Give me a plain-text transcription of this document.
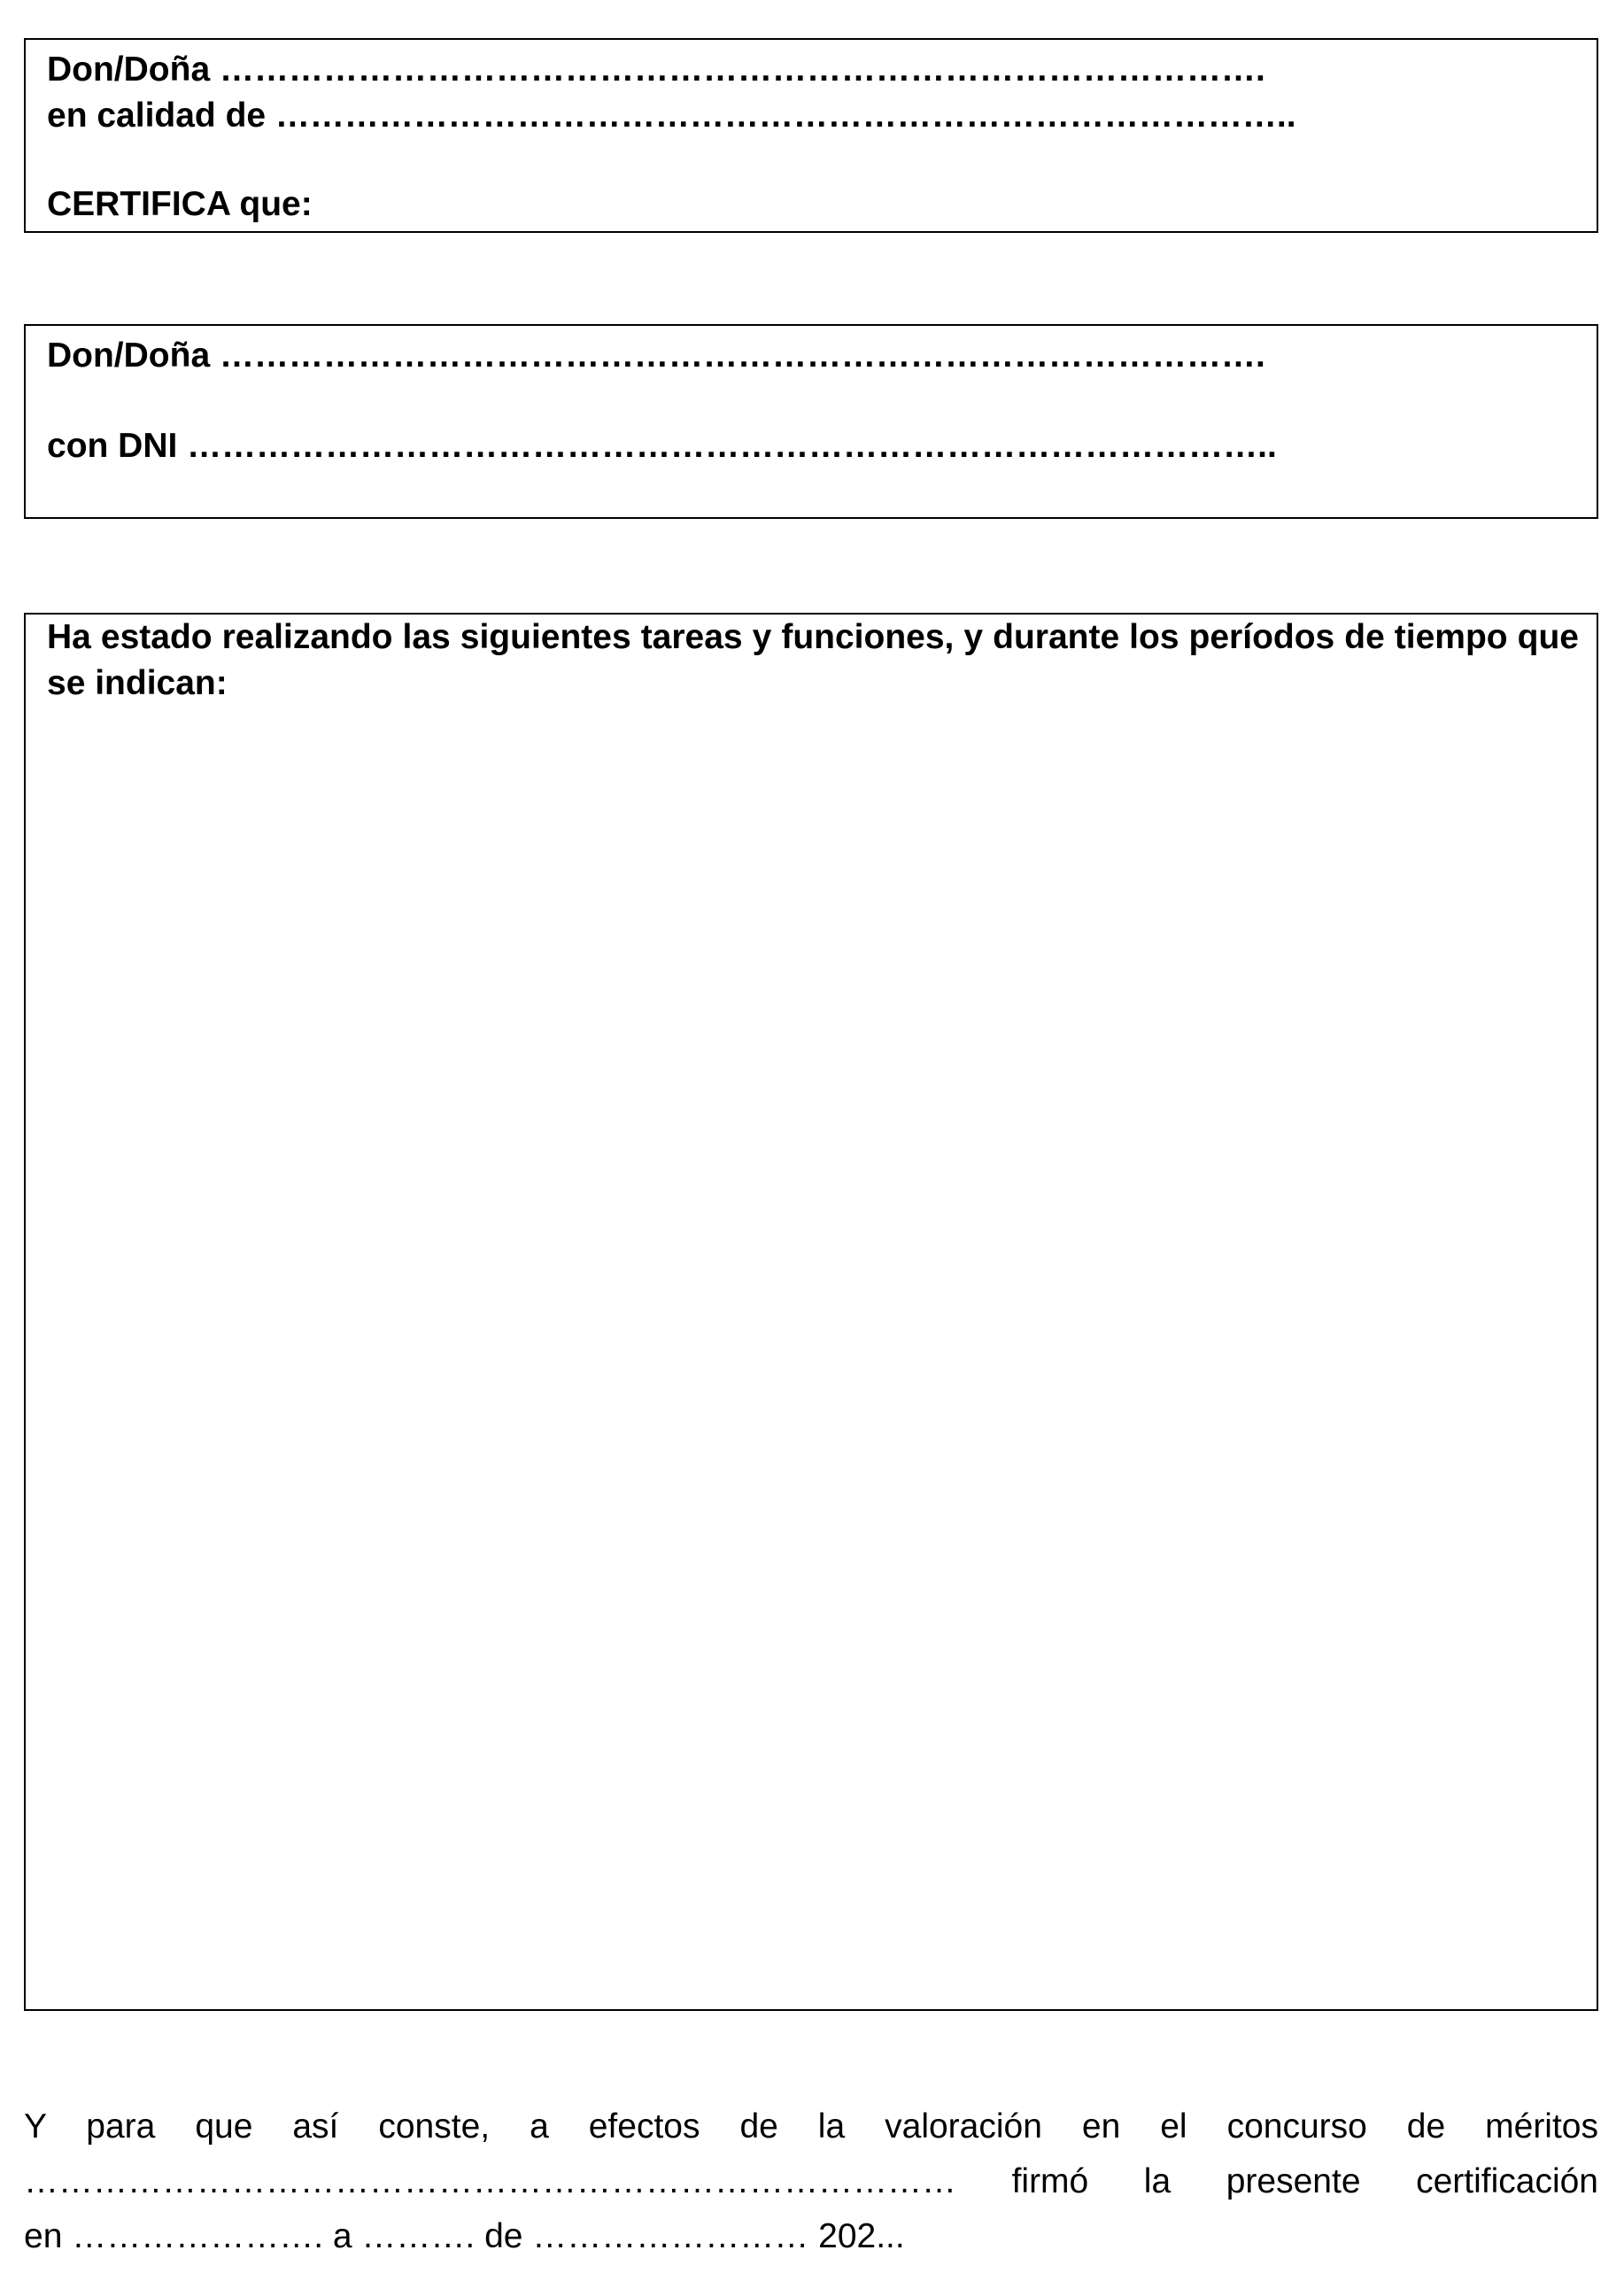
Don/Doña ……………………………………………………………………………….
en calidad de ……………………………………………………………………………..
CERTIFICA que:
Don/Doña ……………………………………………………………………………….
con DNI …………………………………………………………………………………..
Ha estado realizando las siguientes tareas y funciones, y durante los períodos de tiempo que se indican:
Y para que así conste, a efectos de la valoración en el concurso de méritos
……………………………………………………………………… firmó la presente certificación
en …………………. a ………. de …………………… 202...
